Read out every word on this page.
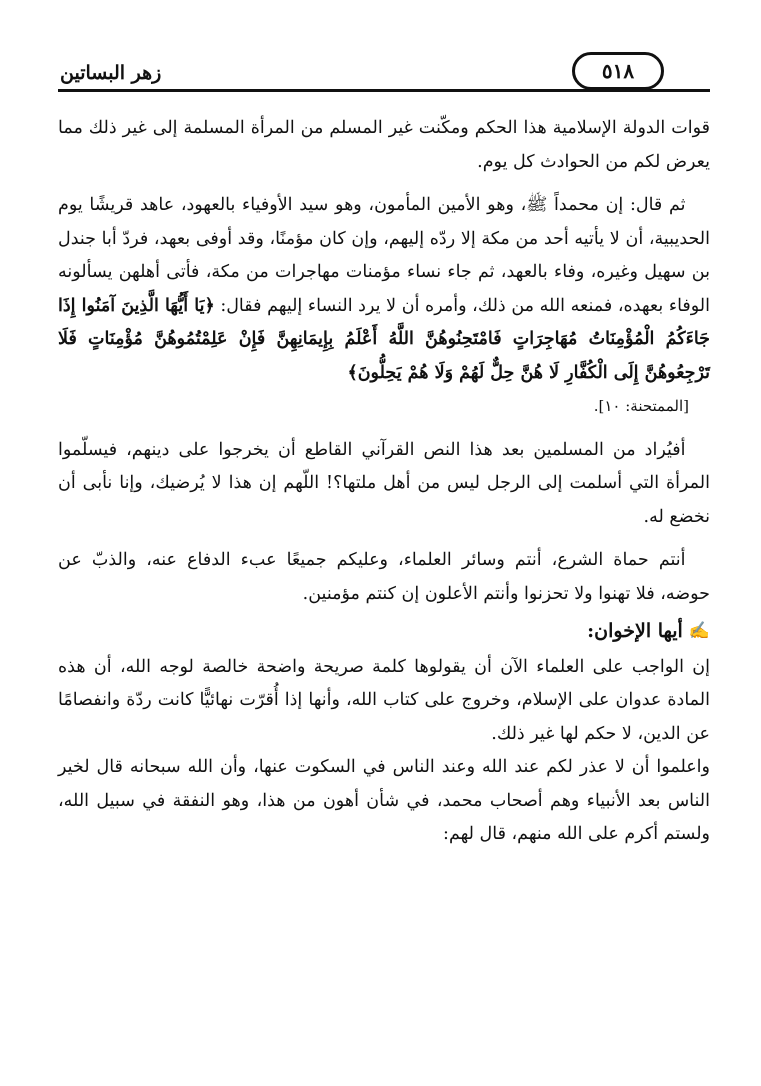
زهر البساتين	٥١٨

قوات الدولة الإسلامية هذا الحكم ومكّنت غير المسلم من المرأة المسلمة إلى غير ذلك مما يعرض لكم من الحوادث كل يوم.

ثم قال: إن محمداً ﷺ، وهو الأمين المأمون، وهو سيد الأوفياء بالعهود، عاهد قريشًا يوم الحديبية، أن لا يأتيه أحد من مكة إلا ردّه إليهم، وإن كان مؤمنًا، وقد أوفى بعهد، فردّ أبا جندل بن سهيل وغيره، وفاء بالعهد، ثم جاء نساء مؤمنات مهاجرات من مكة، فأتى أهلهن يسألونه الوفاء بعهده، فمنعه الله من ذلك، وأمره أن لا يرد النساء إليهم فقال: ﴿يَا أَيُّهَا الَّذِينَ آمَنُوا إِذَا جَاءَكُمُ الْمُؤْمِنَاتُ مُهَاجِرَاتٍ فَامْتَحِنُوهُنَّ اللَّهُ أَعْلَمُ بِإِيمَانِهِنَّ فَإِنْ عَلِمْتُمُوهُنَّ مُؤْمِنَاتٍ فَلَا تَرْجِعُوهُنَّ إِلَى الْكُفَّارِ لَا هُنَّ حِلٌّ لَهُمْ وَلَا هُمْ يَحِلُّونَ﴾

[الممتحنة: ١٠].

أفيُراد من المسلمين بعد هذا النص القرآني القاطع أن يخرجوا على دينهم، فيسلّموا المرأة التي أسلمت إلى الرجل ليس من أهل ملتها؟! اللّهم إن هذا لا يُرضيك، وإنا نأبى أن نخضع له.

أنتم حماة الشرع، أنتم وسائر العلماء، وعليكم جميعًا عبء الدفاع عنه، والذبّ عن حوضه، فلا تهنوا ولا تحزنوا وأنتم الأعلون إن كنتم مؤمنين.

✍
أيها الإخوان:

إن الواجب على العلماء الآن أن يقولوها كلمة صريحة واضحة خالصة لوجه الله، أن هذه المادة عدوان على الإسلام، وخروج على كتاب الله، وأنها إذا أُقرّت نهائيًّا كانت ردّة وانفصامًا عن الدين، لا حكم لها غير ذلك.

واعلموا أن لا عذر لكم عند الله وعند الناس في السكوت عنها، وأن الله سبحانه قال لخير الناس بعد الأنبياء وهم أصحاب محمد، في شأن أهون من هذا، وهو النفقة في سبيل الله، ولستم أكرم على الله منهم، قال لهم:
